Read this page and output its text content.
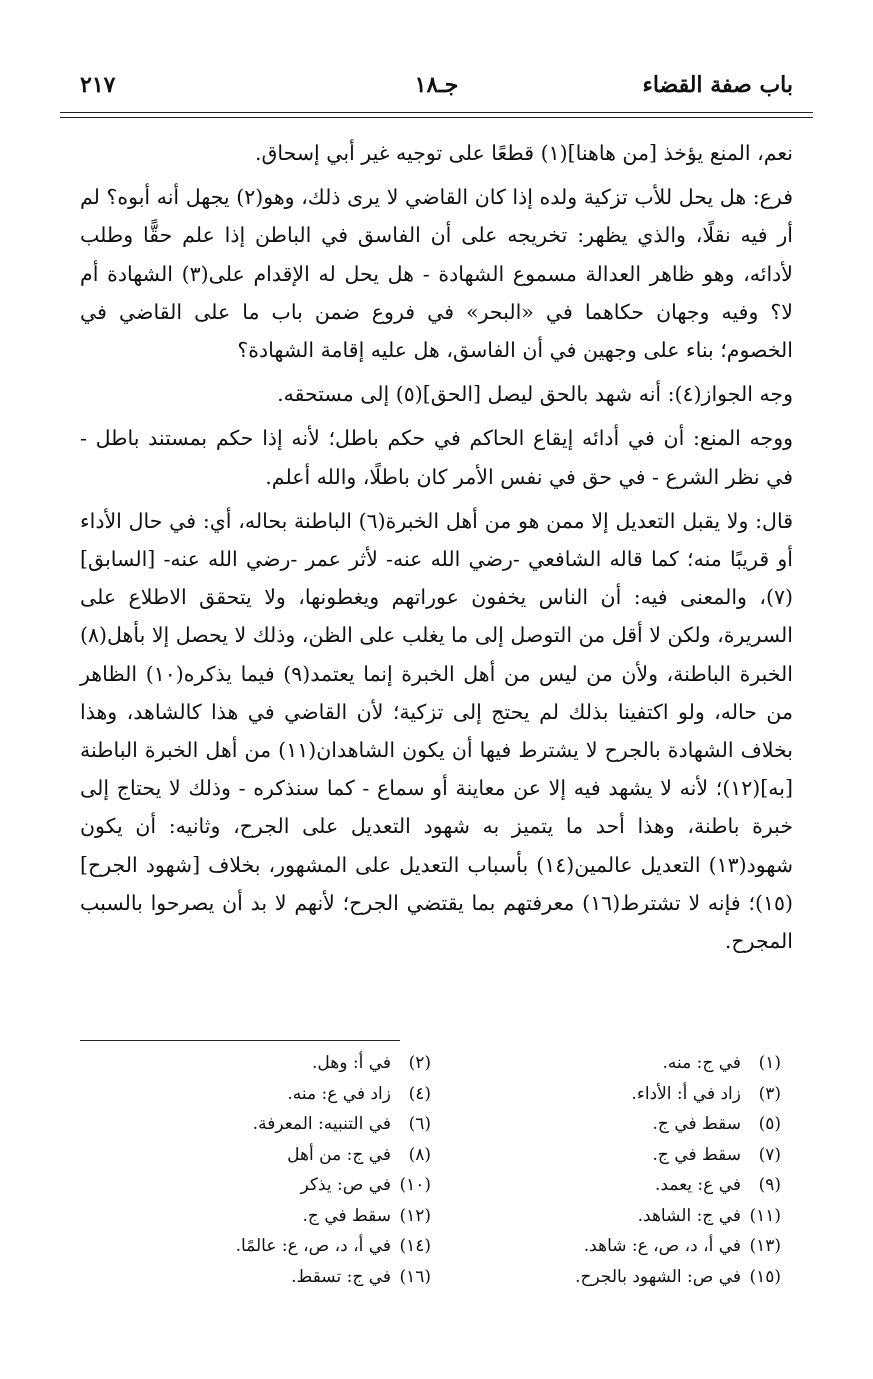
باب صفة القضاء
جـ١٨
٢١٧

نعم، المنع يؤخذ [من هاهنا](١) قطعًا على توجيه غير أبي إسحاق.

فرع: هل يحل للأب تزكية ولده إذا كان القاضي لا يرى ذلك، وهو(٢) يجهل أنه أبوه؟ لم أر فيه نقلًا، والذي يظهر: تخريجه على أن الفاسق في الباطن إذا علم حقًّا وطلب لأدائه، وهو ظاهر العدالة مسموع الشهادة - هل يحل له الإقدام على(٣) الشهادة أم لا؟ وفيه وجهان حكاهما في «البحر» في فروع ضمن باب ما على القاضي في الخصوم؛ بناء على وجهين في أن الفاسق، هل عليه إقامة الشهادة؟

وجه الجواز(٤): أنه شهد بالحق ليصل [الحق](٥) إلى مستحقه.

ووجه المنع: أن في أدائه إيقاع الحاكم في حكم باطل؛ لأنه إذا حكم بمستند باطل - في نظر الشرع - في حق في نفس الأمر كان باطلًا، والله أعلم.

قال: ولا يقبل التعديل إلا ممن هو من أهل الخبرة(٦) الباطنة بحاله، أي: في حال الأداء أو قريبًا منه؛ كما قاله الشافعي -رضي الله عنه- لأثر عمر -رضي الله عنه- [السابق](٧)، والمعنى فيه: أن الناس يخفون عوراتهم ويغطونها، ولا يتحقق الاطلاع على السريرة، ولكن لا أقل من التوصل إلى ما يغلب على الظن، وذلك لا يحصل إلا بأهل(٨) الخبرة الباطنة، ولأن من ليس من أهل الخبرة إنما يعتمد(٩) فيما يذكره(١٠) الظاهر من حاله، ولو اكتفينا بذلك لم يحتج إلى تزكية؛ لأن القاضي في هذا كالشاهد، وهذا بخلاف الشهادة بالجرح لا يشترط فيها أن يكون الشاهدان(١١) من أهل الخبرة الباطنة [به](١٢)؛ لأنه لا يشهد فيه إلا عن معاينة أو سماع - كما سنذكره - وذلك لا يحتاج إلى خبرة باطنة، وهذا أحد ما يتميز به شهود التعديل على الجرح، وثانيه: أن يكون شهود(١٣) التعديل عالمين(١٤) بأسباب التعديل على المشهور، بخلاف [شهود الجرح](١٥)؛ فإنه لا تشترط(١٦) معرفتهم بما يقتضي الجرح؛ لأنهم لا بد أن يصرحوا بالسبب المجرح.

(١)في ج: منه.
(٣)زاد في أ: الأداء.
(٥)سقط في ج.
(٧)سقط في ج.
(٩)في ع: يعمد.
(١١)في ج: الشاهد.
(١٣)في أ، د، ص، ع: شاهد.
(١٥)في ص: الشهود بالجرح.
(٢)في أ: وهل.
(٤)زاد في ع: منه.
(٦)في التنبيه: المعرفة.
(٨)في ج: من أهل
(١٠)في ص: يذكر
(١٢)سقط في ج.
(١٤)في أ، د، ص، ع: عالمًا.
(١٦)في ج: تسقط.
